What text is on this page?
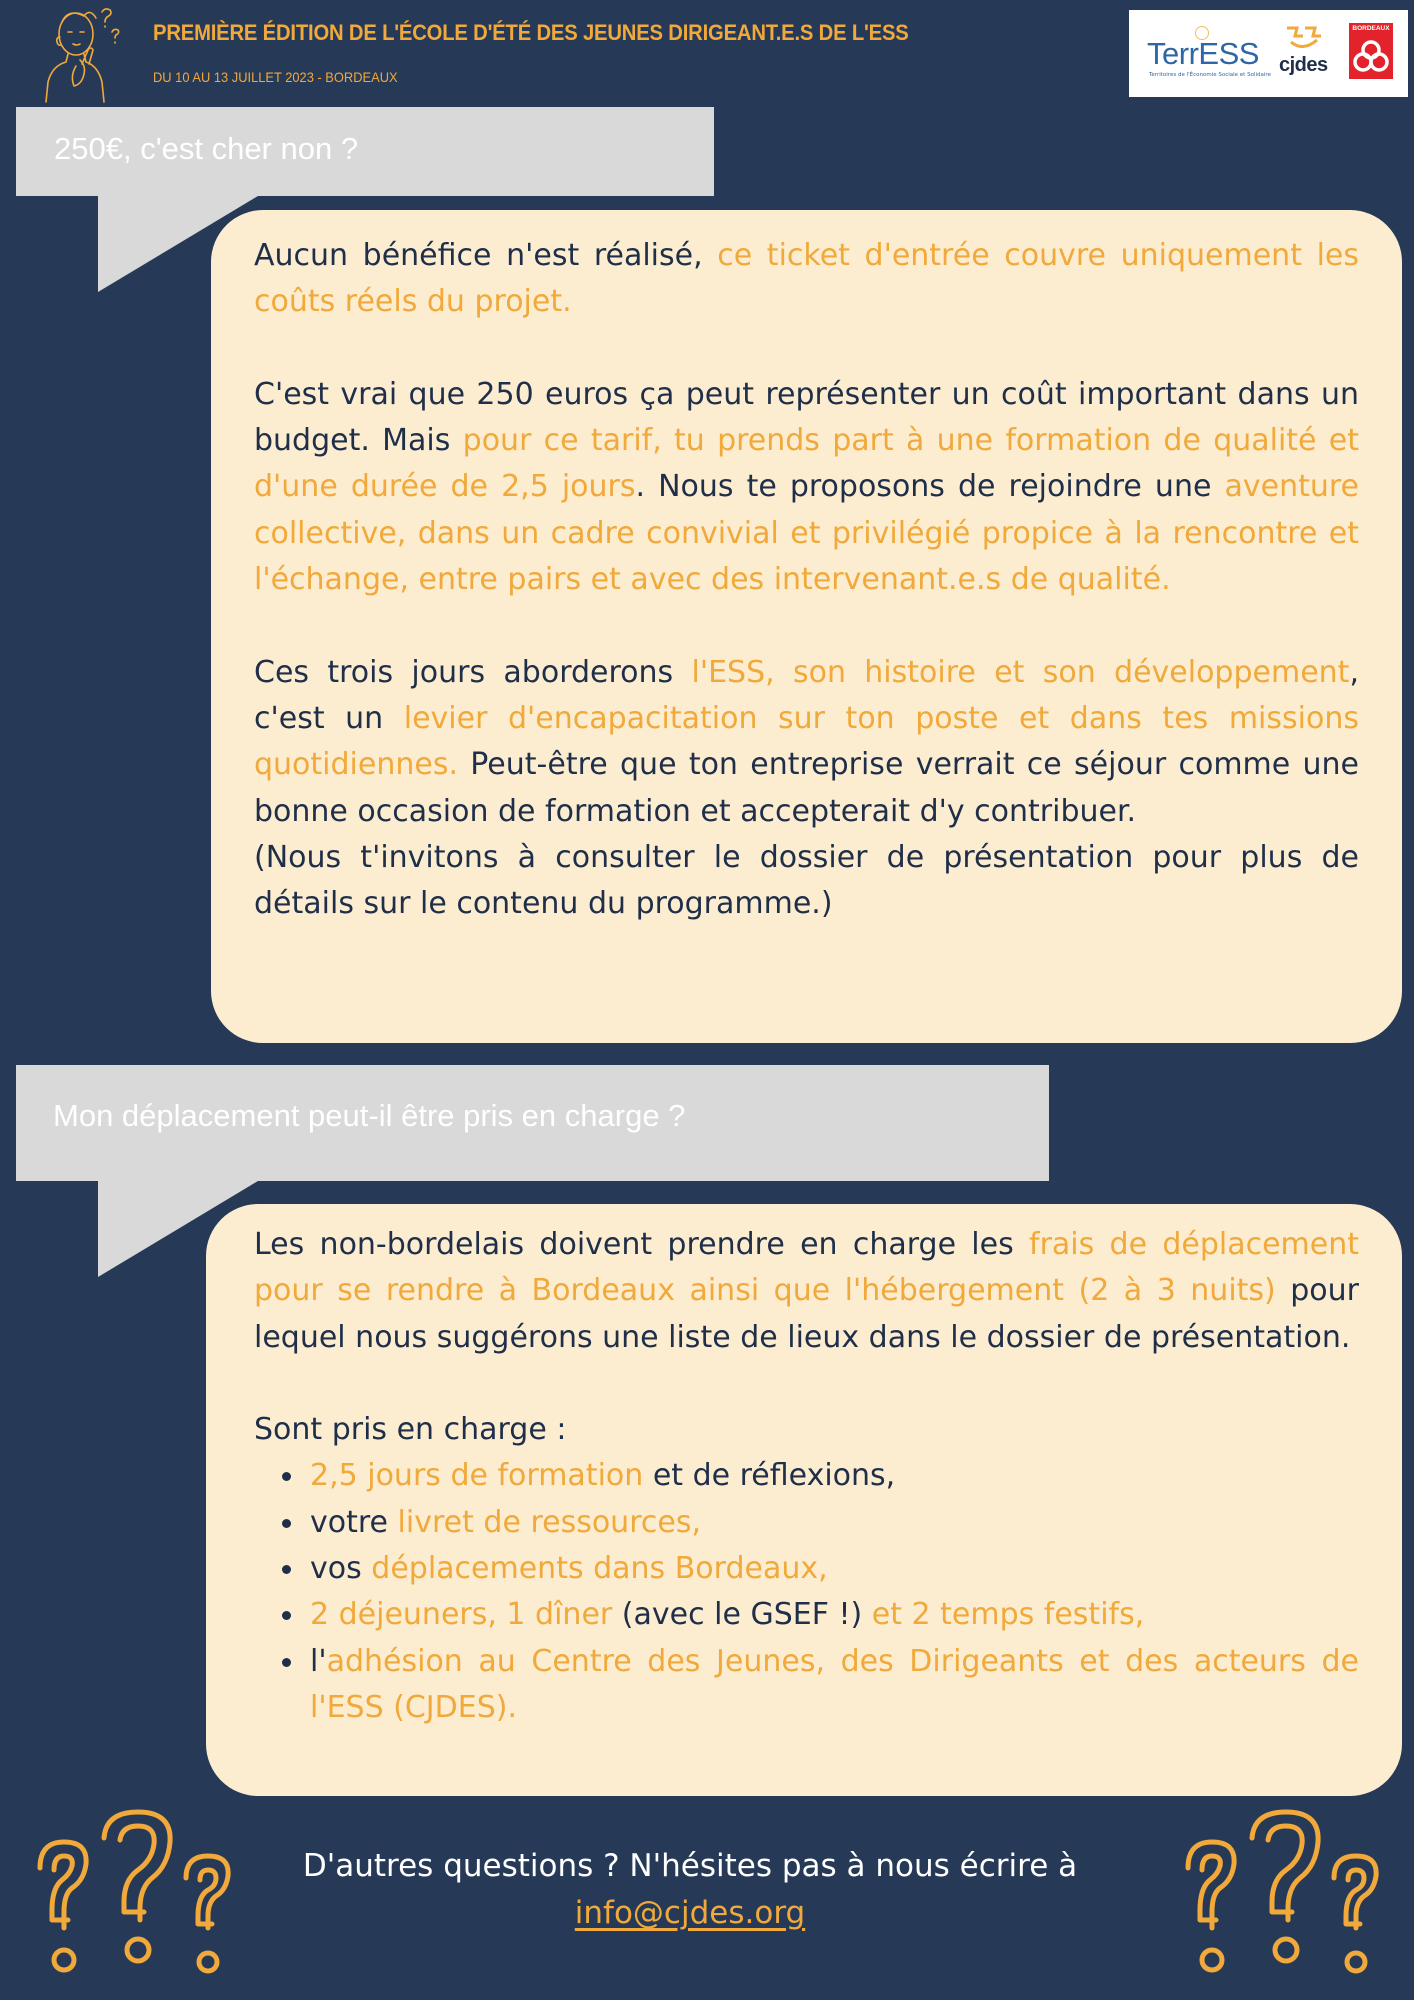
PREMIÈRE ÉDITION DE L'ÉCOLE D'ÉTÉ DES JEUNES DIRIGEANT.E.S DE L'ESS
DU 10 AU 13 JUILLET 2023 - BORDEAUX
TerrESS
Territoires de l'Économie Sociale et Solidaire cjdes
BORDEAUX
250€, c'est cher non ?

Aucun bénéfice n'est réalisé, ce ticket d'entrée couvre uniquement les coûts réels du projet.

C'est vrai que 250 euros ça peut représenter un coût important dans un budget. Mais pour ce tarif, tu prends part à une formation de qualité et d'une durée de 2,5 jours. Nous te proposons de rejoindre une aventure collective, dans un cadre convivial et privilégié propice à la rencontre et l'échange, entre pairs et avec des intervenant.e.s de qualité.

Ces trois jours aborderons l'ESS, son histoire et son développement, c'est un levier d'encapacitation sur ton poste et dans tes missions quotidiennes. Peut-être que ton entreprise verrait ce séjour comme une bonne occasion de formation et accepterait d'y contribuer.

(Nous t'invitons à consulter le dossier de présentation pour plus de détails sur le contenu du programme.)

Mon déplacement peut-il être pris en charge ?

Les non-bordelais doivent prendre en charge les frais de déplacement pour se rendre à Bordeaux ainsi que l'hébergement (2 à 3 nuits) pour lequel nous suggérons une liste de lieux dans le dossier de présentation.

Sont pris en charge :

2,5 jours de formation et de réflexions,
votre livret de ressources,
vos déplacements dans Bordeaux,
2 déjeuners, 1 dîner (avec le GSEF !) et 2 temps festifs,
l'adhésion au Centre des Jeunes, des Dirigeants et des acteurs de l'ESS (CJDES).
D'autres questions ? N'hésites pas à nous écrire à
info@cjdes.org
